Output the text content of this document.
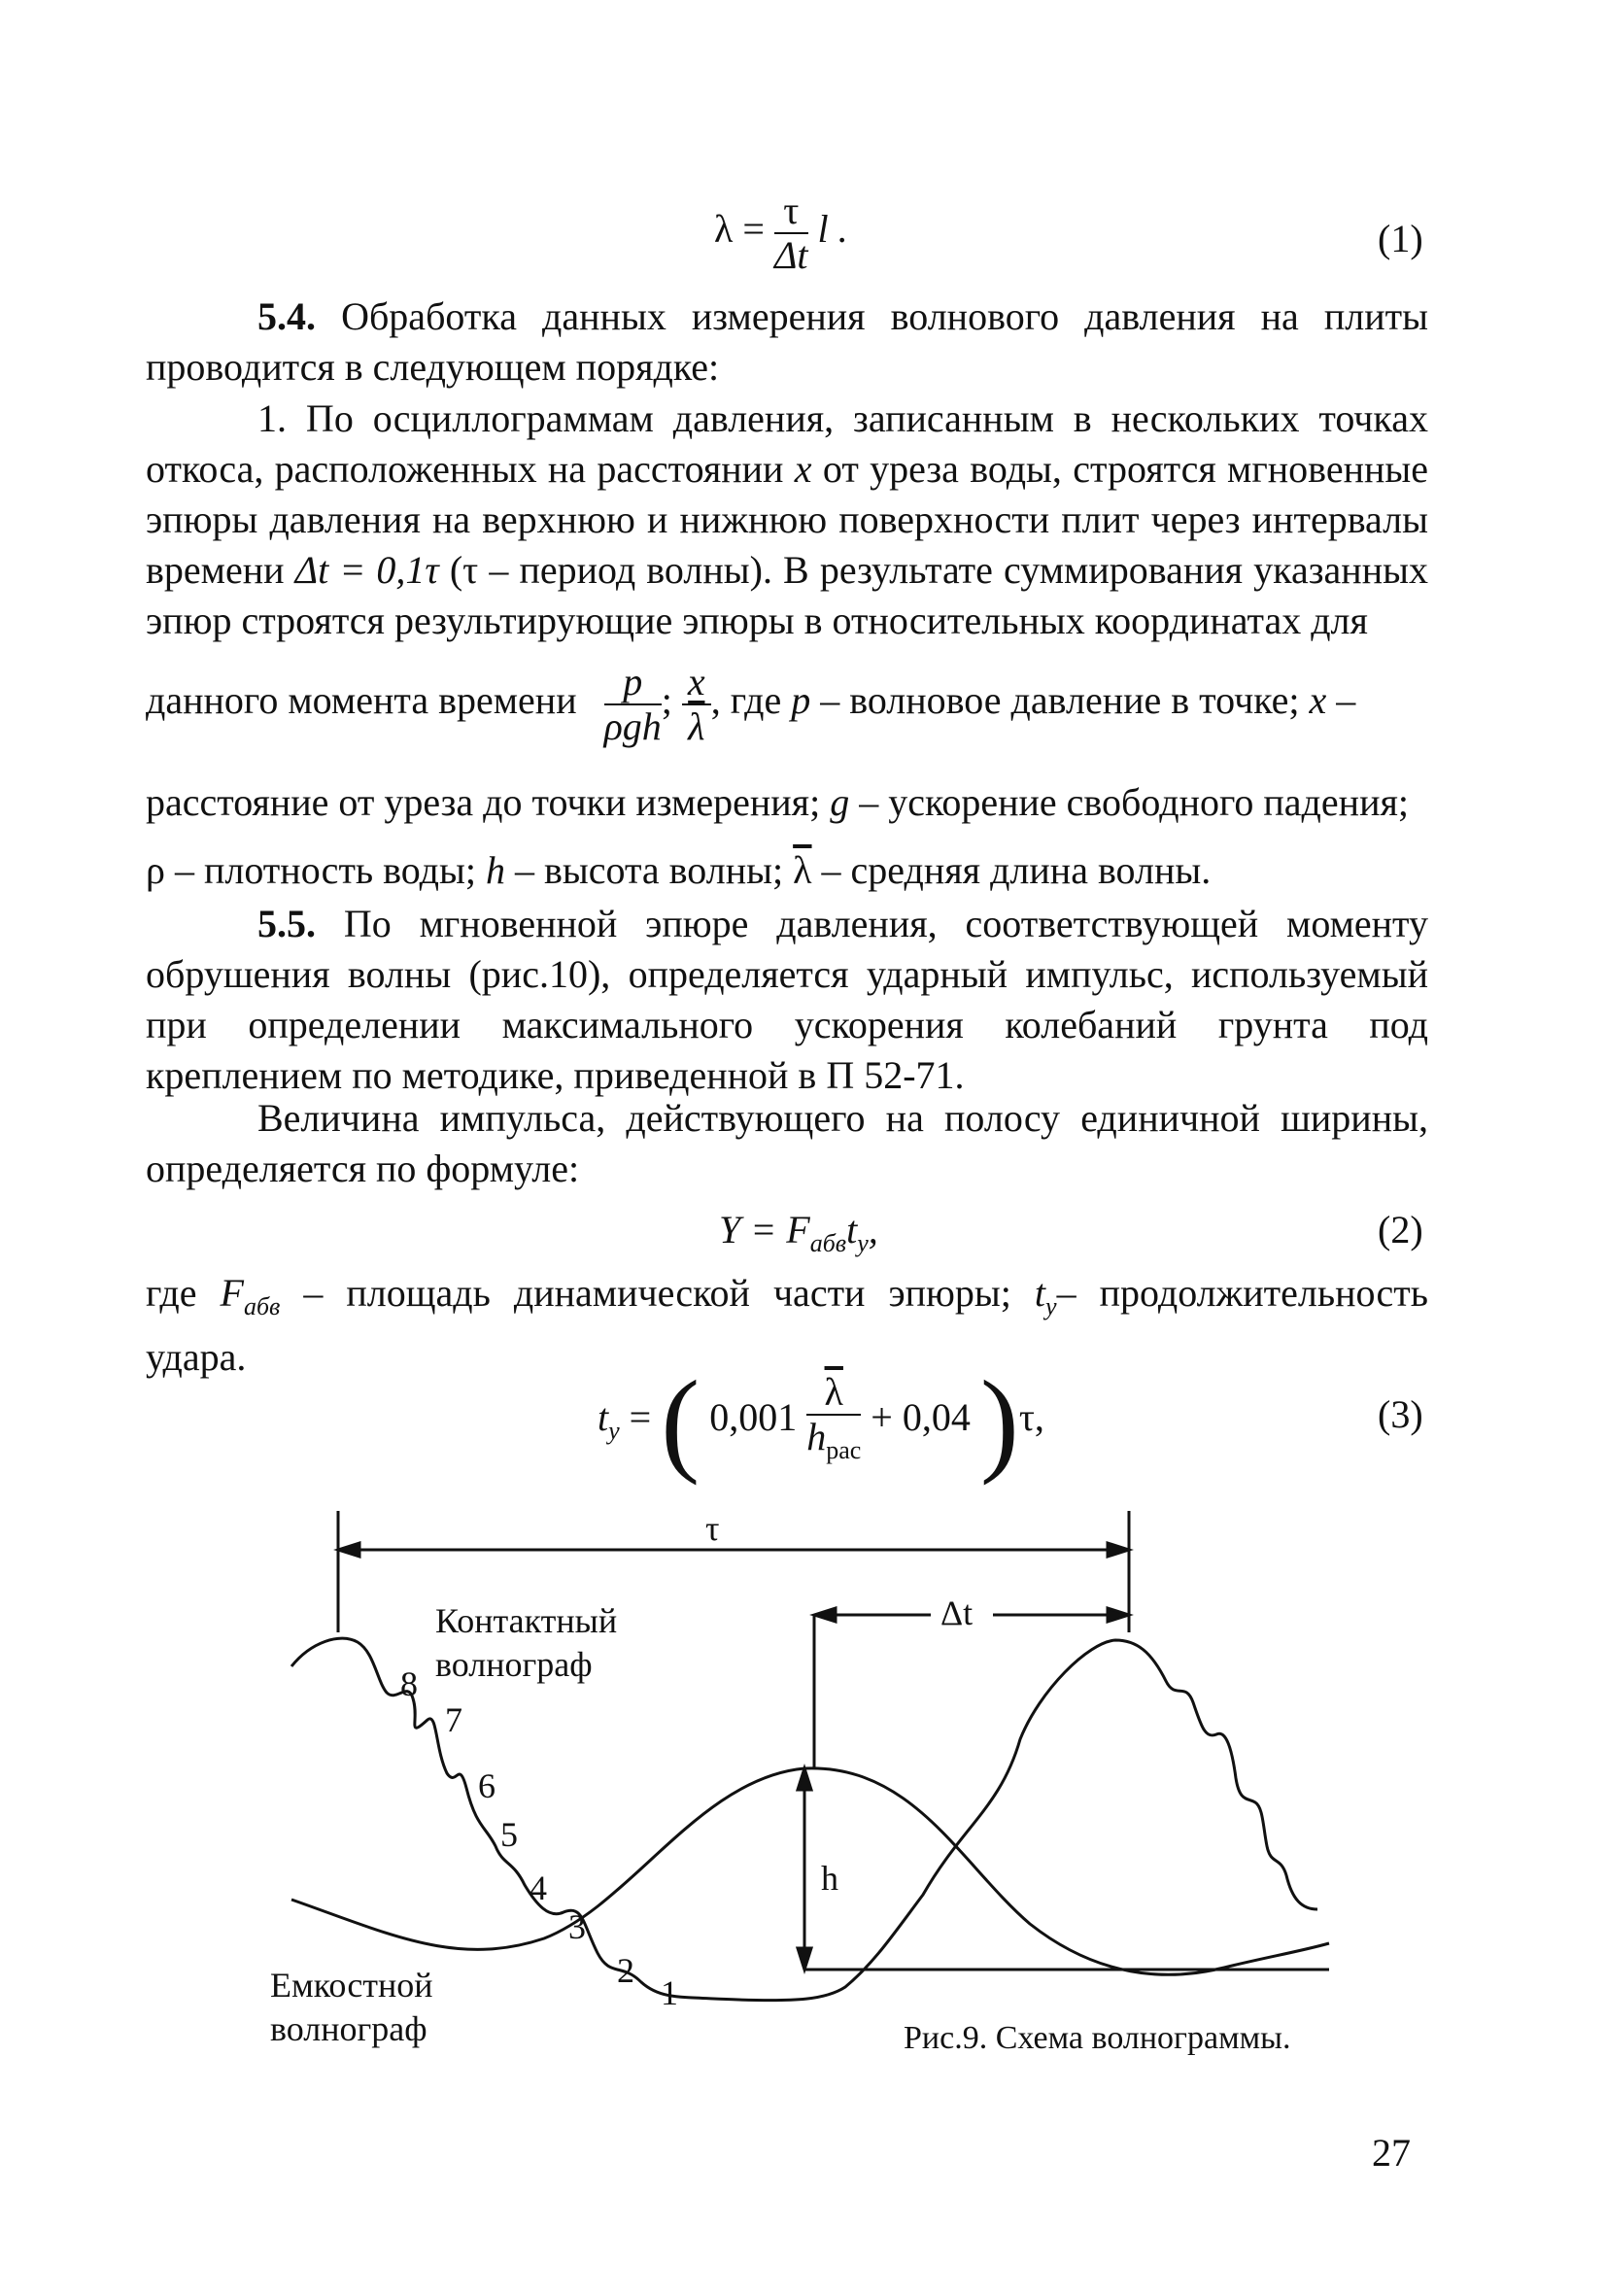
$\lambda = \frac{\tau}{\Delta t}$ l .	(1)
5.4. Обработка данных измерения волнового давления на плиты проводится в следующем порядке:
1. По осциллограммам давления, записанным в нескольких точках откоса, расположенных на расстоянии x от уреза воды, строятся мгновенные эпюры давления на верхнюю и нижнюю поверхности плит через интервалы времени Δt = 0,1τ (τ – период волны). В результате суммирования указанных эпюр строятся результирующие эпюры в относительных координатах для
данного момента времени $\frac{p}{\text{ρgh}}$ ; $\frac{x}{\lambda}$ , где p – волновое давление в точке; x –
расстояние от уреза до точки измерения; g – ускорение свободного падения;
ρ – плотность воды; h – высота волны; $\overline{\lambda}$ – средняя длина волны.
5.5. По мгновенной эпюре давления, соответствующей моменту обрушения волны (рис.10), определяется ударный импульс, используемый при определении максимального ускорения колебаний грунта под креплением по методике, приведенной в П 52-71.
Величина импульса, действующего на полосу единичной ширины, определяется по формуле:
$Y = F_{абв}t_y$,	(2)
где $F_{абв}$ – площадь динамической части эпюры; $t_y-$ продолжительность удара.
$t_y$ = ( $0,001 \frac{\overline{\lambda}}{h_{рас}} + 0,04$ )τ,	(3)
τ
Δt
h
Контактный
волнограф
Емкостной
волнограф
8
7
6
5
4
3
2
1
Рис.9. Схема волнограммы.
27
